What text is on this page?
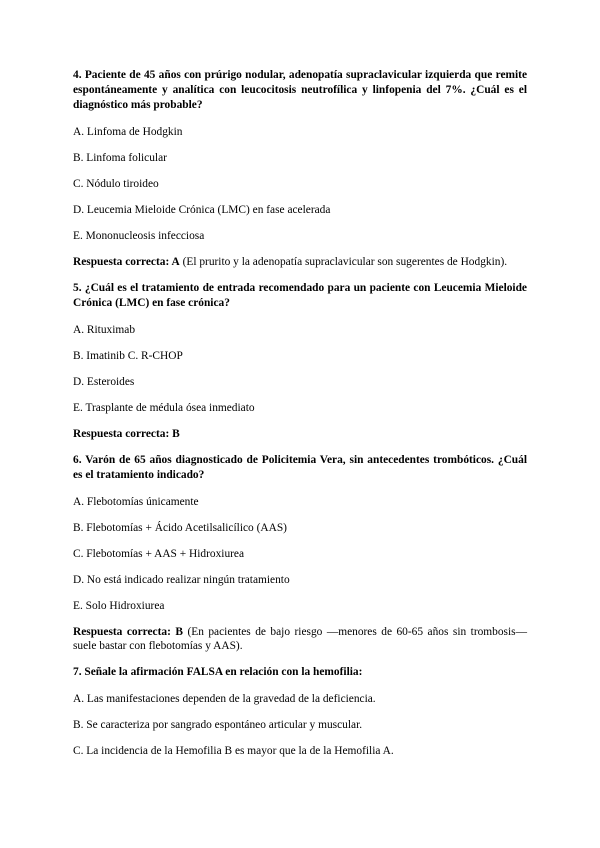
4. Paciente de 45 años con prúrigo nodular, adenopatía supraclavicular izquierda que remite espontáneamente y analítica con leucocitosis neutrofílica y linfopenia del 7%. ¿Cuál es el diagnóstico más probable?
A. Linfoma de Hodgkin
B. Linfoma folicular
C. Nódulo tiroideo
D. Leucemia Mieloide Crónica (LMC) en fase acelerada
E. Mononucleosis infecciosa
Respuesta correcta: A (El prurito y la adenopatía supraclavicular son sugerentes de Hodgkin).
5. ¿Cuál es el tratamiento de entrada recomendado para un paciente con Leucemia Mieloide Crónica (LMC) en fase crónica?
A. Rituximab
B. Imatinib C. R-CHOP
D. Esteroides
E. Trasplante de médula ósea inmediato
Respuesta correcta: B
6. Varón de 65 años diagnosticado de Policitemia Vera, sin antecedentes trombóticos. ¿Cuál es el tratamiento indicado?
A. Flebotomías únicamente
B. Flebotomías + Ácido Acetilsalicílico (AAS)
C. Flebotomías + AAS + Hidroxiurea
D. No está indicado realizar ningún tratamiento
E. Solo Hidroxiurea
Respuesta correcta: B (En pacientes de bajo riesgo —menores de 60-65 años sin trombosis— suele bastar con flebotomías y AAS).
7. Señale la afirmación FALSA en relación con la hemofilia:
A. Las manifestaciones dependen de la gravedad de la deficiencia.
B. Se caracteriza por sangrado espontáneo articular y muscular.
C. La incidencia de la Hemofilia B es mayor que la de la Hemofilia A.
